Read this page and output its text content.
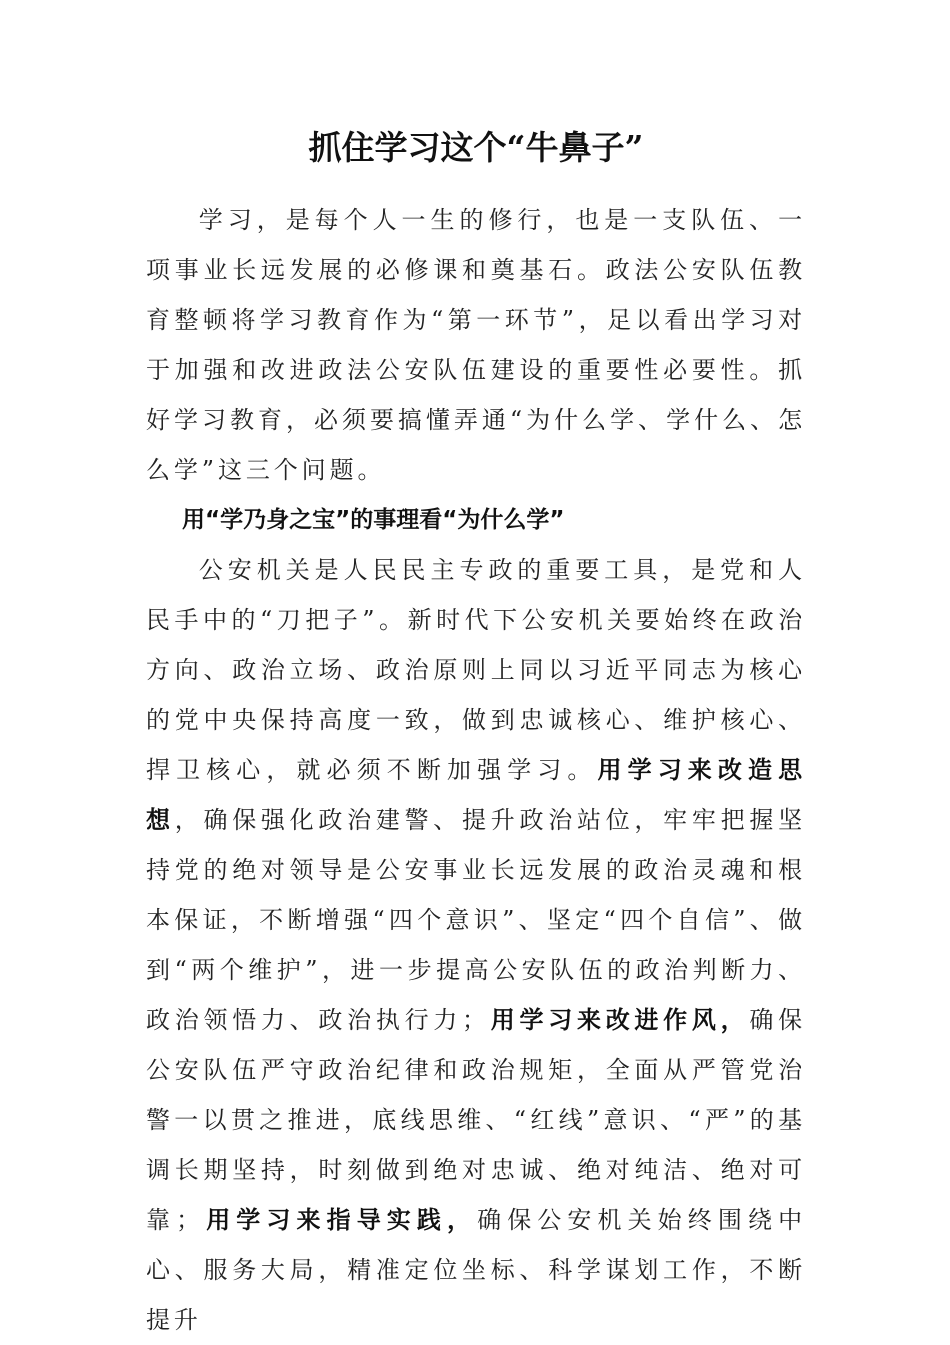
抓住学习这个“牛鼻子”

学习，是每个人一生的修行，也是一支队伍、一项事业长远发展的必修课和奠基石。政法公安队伍教育整顿将学习教育作为“第一环节”，足以看出学习对于加强和改进政法公安队伍建设的重要性必要性。抓好学习教育，必须要搞懂弄通“为什么学、学什么、怎么学”这三个问题。

用“学乃身之宝”的事理看“为什么学”

公安机关是人民民主专政的重要工具，是党和人民手中的“刀把子”。新时代下公安机关要始终在政治方向、政治立场、政治原则上同以习近平同志为核心的党中央保持高度一致，做到忠诚核心、维护核心、捍卫核心，就必须不断加强学习。用学习来改造思想，确保强化政治建警、提升政治站位，牢牢把握坚持党的绝对领导是公安事业长远发展的政治灵魂和根本保证，不断增强“四个意识”、坚定“四个自信”、做到“两个维护”，进一步提高公安队伍的政治判断力、政治领悟力、政治执行力；用学习来改进作风，确保公安队伍严守政治纪律和政治规矩，全面从严管党治警一以贯之推进，底线思维、“红线”意识、“严”的基调长期坚持，时刻做到绝对忠诚、绝对纯洁、绝对可靠；用学习来指导实践，确保公安机关始终围绕中心、服务大局，精准定位坐标、科学谋划工作，不断提升
